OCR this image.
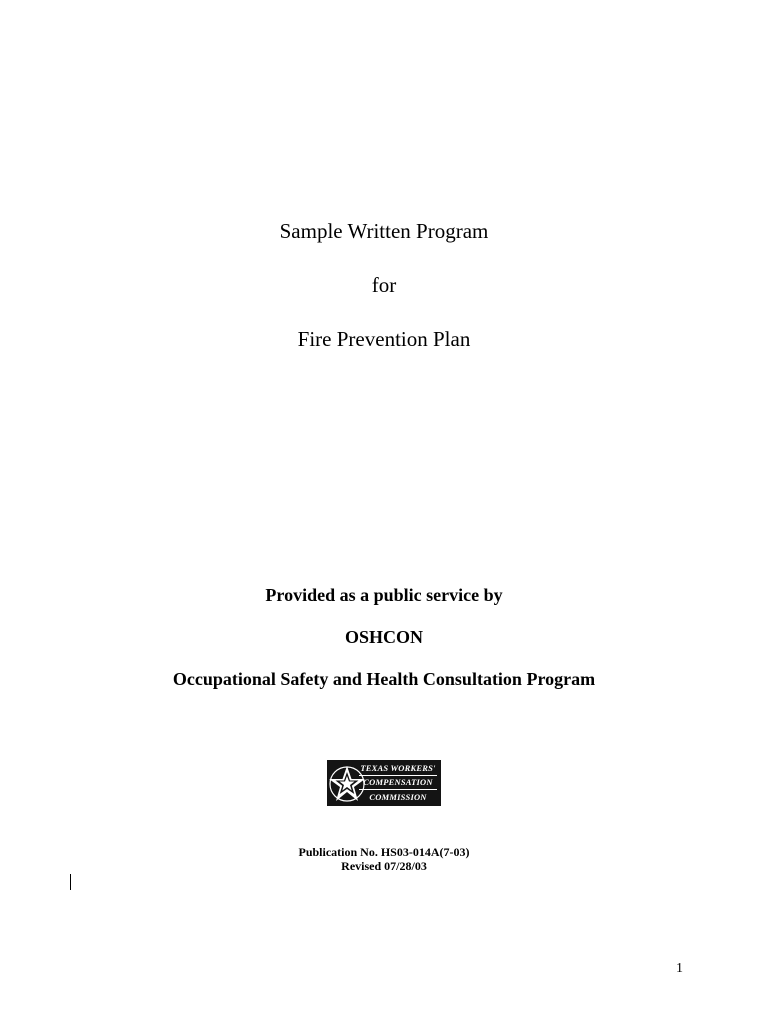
Sample Written Program
for
Fire Prevention Plan
Provided as a public service by
OSHCON
Occupational Safety and Health Consultation Program
TEXAS WORKERS'
COMPENSATION
COMMISSION
Publication No. HS03-014A(7-03)
Revised 07/28/03
1
